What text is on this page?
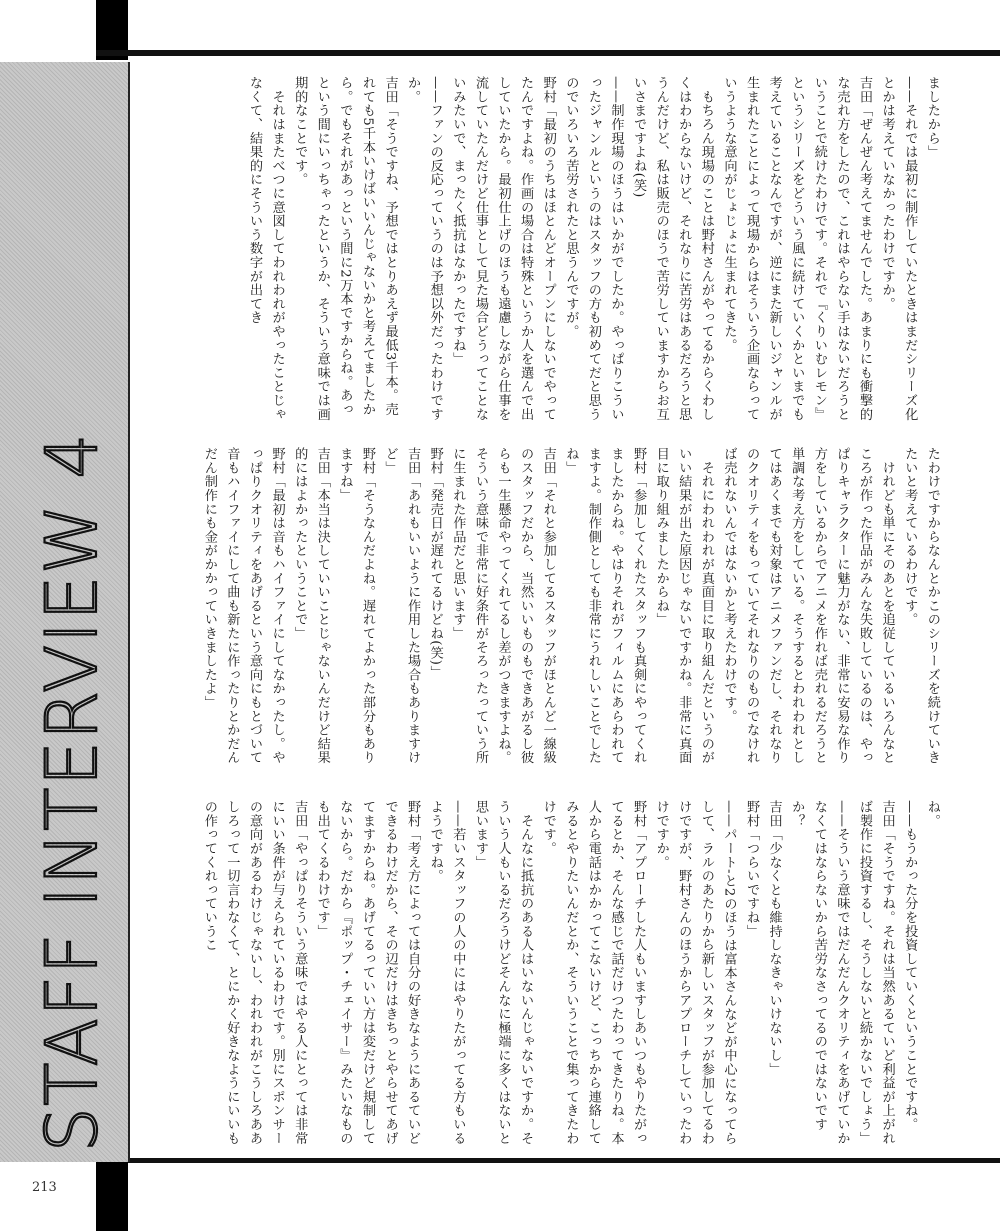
STAFF INTERVIEW 4

ましたから」
——それでは最初に制作していたときはまだシリーズ化とかは考えていなかったわけですか。
吉田「ぜんぜん考えてませんでした。あまりにも衝撃的な売れ方をしたので、これはやらない手はないだろうということで続けたわけです。それで『くりいむレモン』というシリーズをどういう風に続けていくかといまでも考えていることなんですが、逆にまた新しいジャンルが生まれたことによって現場からはそういう企画ならっていうような意向がじょじょに生まれてきた。
　もちろん現場のことは野村さんがやってるからくわしくはわからないけど、それなりに苦労はあるだろうと思うんだけど、私は販売のほうで苦労していますからお互いさまですよね(笑)
——制作現場のほうはいかがでしたか。やっぱりこういったジャンルというのはスタッフの方も初めてだと思うのでいろいろ苦労されたと思うんですが。
野村「最初のうちはほとんどオープンにしないでやってたんですよね。作画の場合は特殊というか人を選んで出していたから。最初仕上げのほうも遠慮しながら仕事を流していたんだけど仕事として見た場合どうってことないみたいで、まったく抵抗はなかったですね」
——ファンの反応っていうのは予想以外だったわけですか。
吉田「そうですね、予想ではとりあえず最低3千本。売れても5千本いけばいいんじゃないかと考えてましたから。でもそれがあっという間に2万本ですからね。あっという間にいっちゃったというか、そういう意味では画期的なことです。
　それはまたべつに意図してわれわれがやったことじゃなくて、結果的にそういう数字が出てき

たわけですからなんとかこのシリーズを続けていきたいと考えているわけです。
　けれども単にそのあとを追従しているいろんなところが作った作品がみんな失敗しているのは、やっぱりキャラクターに魅力がない、非常に安易な作り方をしているからでアニメを作れば売れるだろうと単調な考え方をしている。そうするとわれわれとしてはあくまでも対象はアニメファンだし、それなりのクオリティをもっていてそれなりのものでなければ売れないんではないかと考えたわけです。
　それにわれわれが真面目に取り組んだというのがいい結果が出た原因じゃないですかね。非常に真面目に取り組みましたからね」
野村「参加してくれたスタッフも真剣にやってくれましたからね。やはりそれがフィルムにあらわれてますよ。制作側としても非常にうれしいことでしたね」
吉田「それと参加してるスタッフがほとんど一線級のスタッフだから、当然いいものもできあがるし彼らも一生懸命やってくれてるし差がつきますよね。そういう意味で非常に好条件がそろったっていう所に生まれた作品だと思います」
野村「発売日が遅れてるけどね(笑)」
吉田「あれもいいように作用した場合もありますけど」
野村「そうなんだよね。遅れてよかった部分もありますね」
吉田「本当は決していいことじゃないんだけど結果的にはよかったということで」
野村「最初は音もハイファイにしてなかったし。やっぱりクオリティをあげるという意向にもとづいて音もハイファイにして曲も新たに作ったりとかだんだん制作にも金がかかっていきましたよ」

ね。
——もうかった分を投資していくということですね。
吉田「そうですね。それは当然あるていど利益が上がれば製作に投資するし、そうしないと続かないでしょう」
——そういう意味ではだんだんクオリティをあげていかなくてはならないから苦労なさってるのではないですか？
吉田「少なくとも維持しなきゃいけないし」
野村「つらいですね」
——パート-と2のほうは富本さんなどが中心になってらして、ラルのあたりから新しいスタッフが参加してるわけですが、野村さんのほうからアプローチしていったわけですか。
野村「アプローチした人もいますしあいつもやりたがってるとか、そんな感じで話だけつたわってきたりね。本人から電話はかかってこないけど、こっちから連絡してみるとやりたいんだとか、そういうことで集ってきたわけです。
　そんなに抵抗のある人はいないんじゃないですか。そういう人もいるだろうけどそんなに極端に多くはないと思います」
——若いスタッフの人の中にはやりたがってる方もいるようですね。
野村「考え方によっては自分の好きなようにあるていどできるわけだから、その辺だけはきちっとやらせてあげてますからね。あげてるっていい方は変だけど規制してないから。だから『ポップ・チェイサー』みたいなものも出てくるわけです」
吉田「やっぱりそういう意味ではやる人にとっては非常にいい条件が与えられているわけです。別にスポンサーの意向があるわけじゃないし、われわれがこうしろああしろって一切言わなくて、とにかく好きなようにいいもの作ってくれっていうこ

213
